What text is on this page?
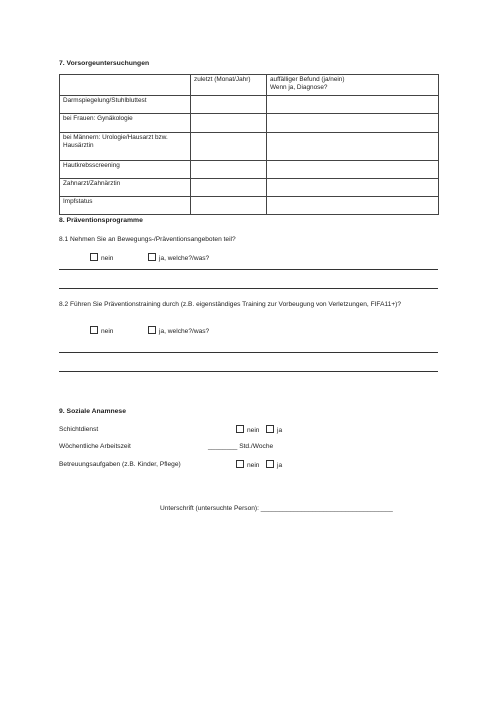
7. Vorsorgeuntersuchungen
	zuletzt (Monat/Jahr)	auffälliger Befund (ja/nein)
Wenn ja, Diagnose?

Darmspiegelung/Stuhlbluttest		
bei Frauen: Gynäkologie		
bei Männern: Urologie/Hausarzt bzw. Hausärztin		
Hautkrebsscreening		
Zahnarzt/Zahnärztin		
Impfstatus		
8. Präventionsprogramme
8.1 Nehmen Sie an Bewegungs-/Präventionsangeboten teil?
nein	ja, welche?/was?
8.2 Führen Sie Präventionstraining durch (z.B. eigenständiges Training zur Vorbeugung von Verletzungen, FIFA11+)?
nein	ja, welche?/was?
9. Soziale Anamnese
Schichtdienst	nein	ja
Wöchentliche Arbeitszeit	________ Std./Woche
Betreuungsaufgaben (z.B. Kinder, Pflege)	nein	ja
Unterschrift (untersuchte Person): ____________________________________
